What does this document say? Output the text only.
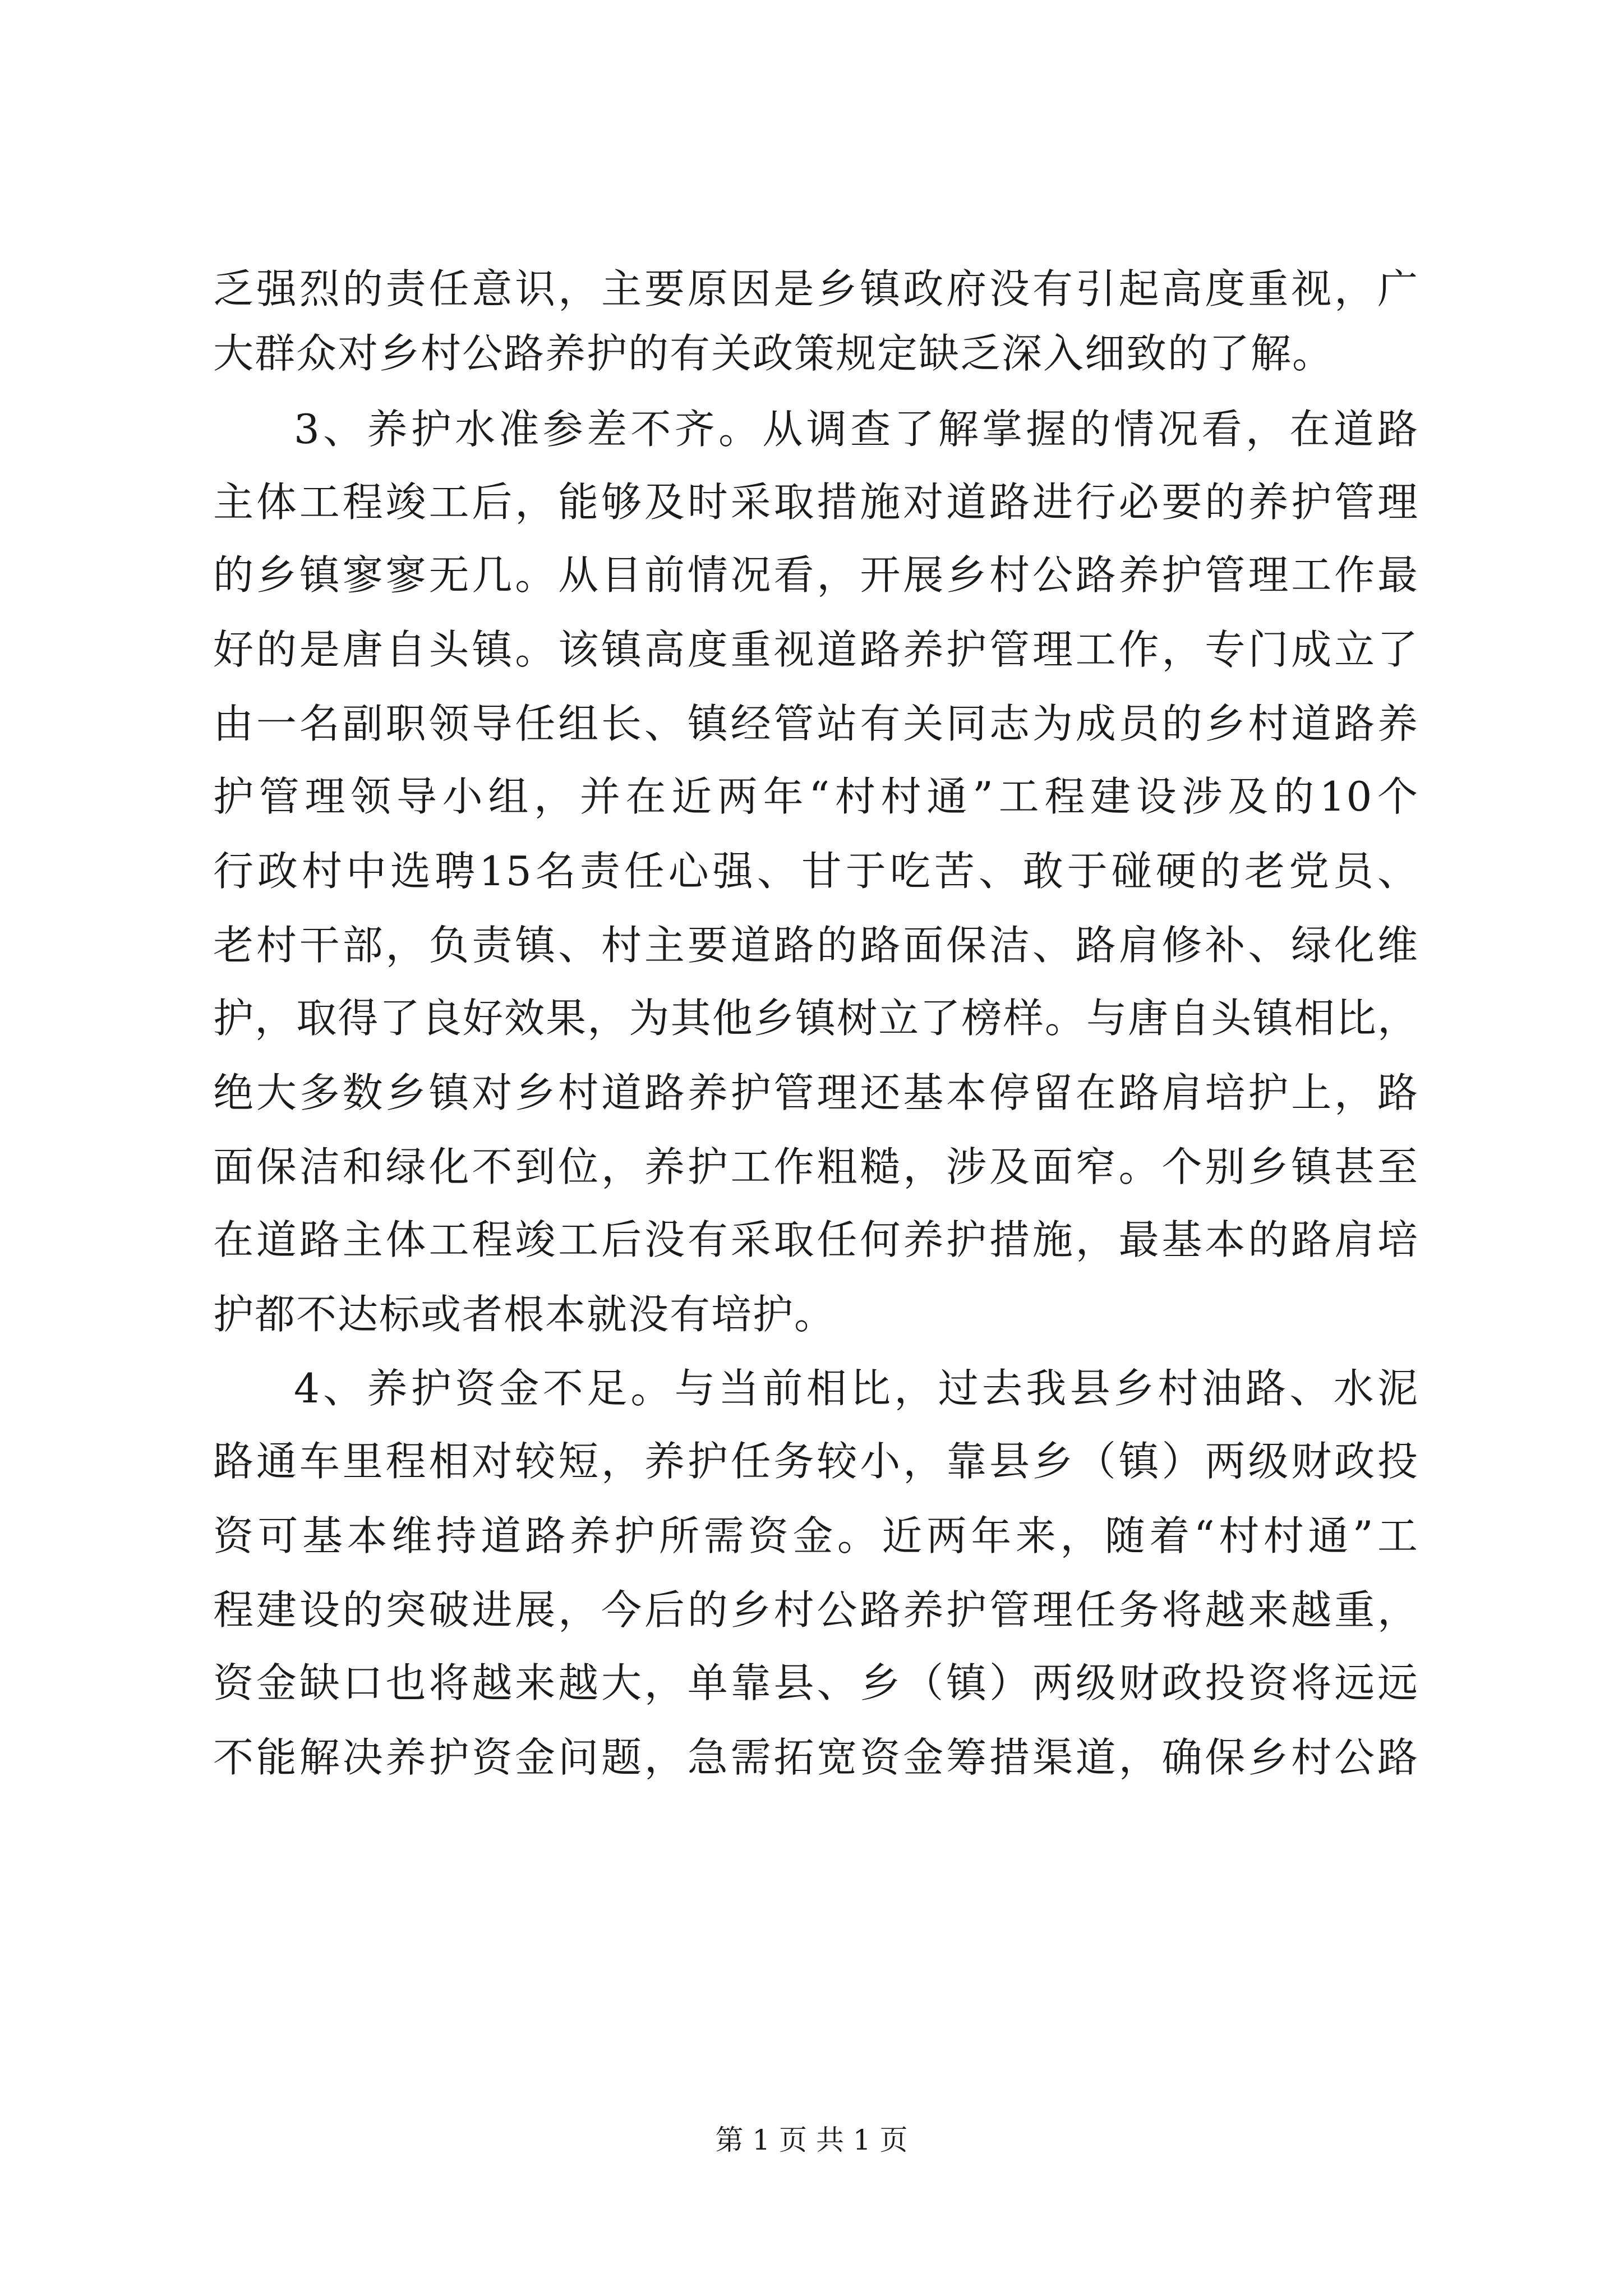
乏强烈的责任意识，主要原因是乡镇政府没有引起高度重视，广
大群众对乡村公路养护的有关政策规定缺乏深入细致的了解。
3、养护水准参差不齐。从调查了解掌握的情况看，在道路
主体工程竣工后，能够及时采取措施对道路进行必要的养护管理
的乡镇寥寥无几。从目前情况看，开展乡村公路养护管理工作最
好的是唐自头镇。该镇高度重视道路养护管理工作，专门成立了
由一名副职领导任组长、镇经管站有关同志为成员的乡村道路养
护管理领导小组，并在近两年“村村通”工程建设涉及的10个
行政村中选聘15名责任心强、甘于吃苦、敢于碰硬的老党员、
老村干部，负责镇、村主要道路的路面保洁、路肩修补、绿化维
护，取得了良好效果，为其他乡镇树立了榜样。与唐自头镇相比，
绝大多数乡镇对乡村道路养护管理还基本停留在路肩培护上，路
面保洁和绿化不到位，养护工作粗糙，涉及面窄。个别乡镇甚至
在道路主体工程竣工后没有采取任何养护措施，最基本的路肩培
护都不达标或者根本就没有培护。
4、养护资金不足。与当前相比，过去我县乡村油路、水泥
路通车里程相对较短，养护任务较小，靠县乡（镇）两级财政投
资可基本维持道路养护所需资金。近两年来，随着“村村通”工
程建设的突破进展，今后的乡村公路养护管理任务将越来越重，
资金缺口也将越来越大，单靠县、乡（镇）两级财政投资将远远
不能解决养护资金问题，急需拓宽资金筹措渠道，确保乡村公路
第 1 页 共 1 页
